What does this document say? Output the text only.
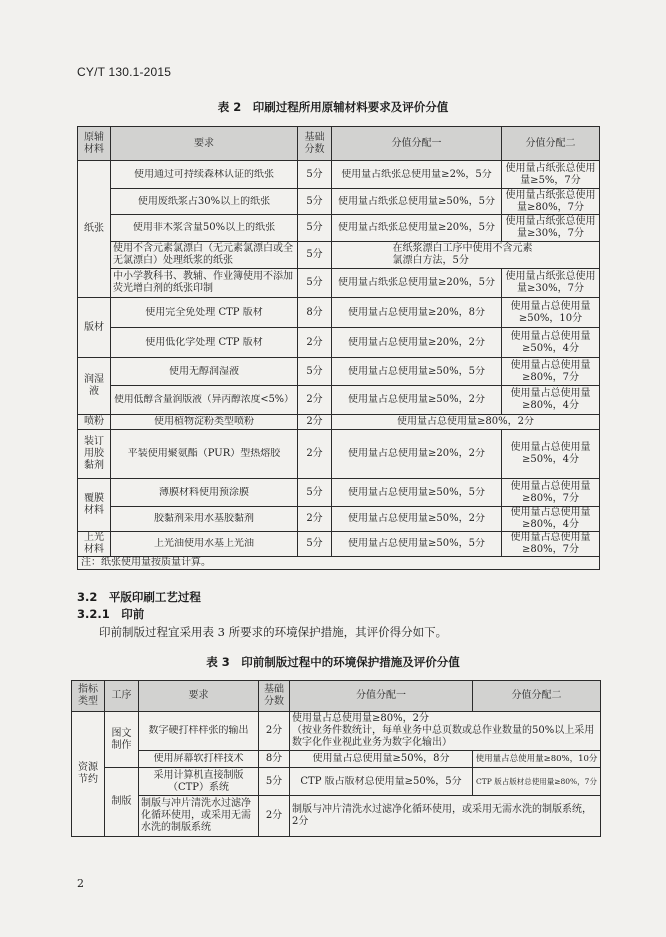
CY/T 130.1-2015
表 2　印刷过程所用原辅材料要求及评价分值
原辅材料	要求	基础分数	分值分配一	分值分配二
纸张	使用通过可持续森林认证的纸张	5分	使用量占纸张总使用量≥2%，5分	使用量占纸张总使用量≥5%，7分

	使用废纸浆占30%以上的纸张	5分	使用量占纸张总使用量≥50%，5分	使用量占纸张总使用量≥80%，7分

	使用非木浆含量50%以上的纸张	5分	使用量占纸张总使用量≥20%，5分	使用量占纸张总使用量≥30%，7分
	使用不含元素氯漂白（无元素氯漂白或全无氯漂白）处理纸浆的纸张	5分	在纸浆漂白工序中使用不含元素氯漂白方法，5分	
	中小学教科书、教辅、作业簿使用不添加荧光增白剂的纸张印制	5分	使用量占纸张总使用量≥20%，5分	使用量占纸张总使用量≥30%，7分
版材	使用完全免处理 CTP 版材	8分	使用量占总使用量≥20%，8分	使用量占总使用量≥50%，10分

	使用低化学处理 CTP 版材	2分	使用量占总使用量≥20%，2分	使用量占总使用量≥50%，4分
润湿液	使用无醇润湿液	5分	使用量占总使用量≥50%，5分	使用量占总使用量≥80%，7分

	使用低醇含量润版液（异丙醇浓度<5%）	2分	使用量占总使用量≥50%，2分	使用量占总使用量≥80%，4分
喷粉	使用植物淀粉类型喷粉	2分	使用量占总使用量≥80%，2分	

装订用胶黏剂	平装使用聚氨酯（PUR）型热熔胶	2分	使用量占总使用量≥20%，2分	使用量占总使用量≥50%，4分
覆膜材料	薄膜材料使用预涂膜	5分	使用量占总使用量≥50%，5分	使用量占总使用量≥80%，7分

	胶黏剂采用水基胶黏剂	2分	使用量占总使用量≥50%，2分	使用量占总使用量≥80%，4分
上光材料	上光油使用水基上光油	5分	使用量占总使用量≥50%，5分	使用量占总使用量≥80%，7分
注：纸张使用量按质量计算。				
3.2　平版印刷工艺过程
3.2.1　印前
印前制版过程宜采用表 3 所要求的环境保护措施，其评价得分如下。
表 3　印前制版过程中的环境保护措施及评价分值
指标类型	工序	要求	基础分数	分值分配一	分值分配二
资源节约	图文制作	数字硬打样样张的输出	2分	使用量占总使用量≥80%，2分
（按业务件数统计，每单业务中总页数或总作业数量的50%以上采用数字化作业视此业务为数字化输出）	

		使用屏幕软打样技术	8分	使用量占总使用量≥50%，8分	使用量占总使用量≥80%，10分

	制版	采用计算机直接制版（CTP）系统	5分	CTP 版占版材总使用量≥50%，5分	CTP 版占版材总使用量≥80%，7分

		制版与冲片清洗水过滤净化循环使用，或采用无需水洗的制版系统	2分	制版与冲片清洗水过滤净化循环使用，或采用无需水洗的制版系统，2分	
2
